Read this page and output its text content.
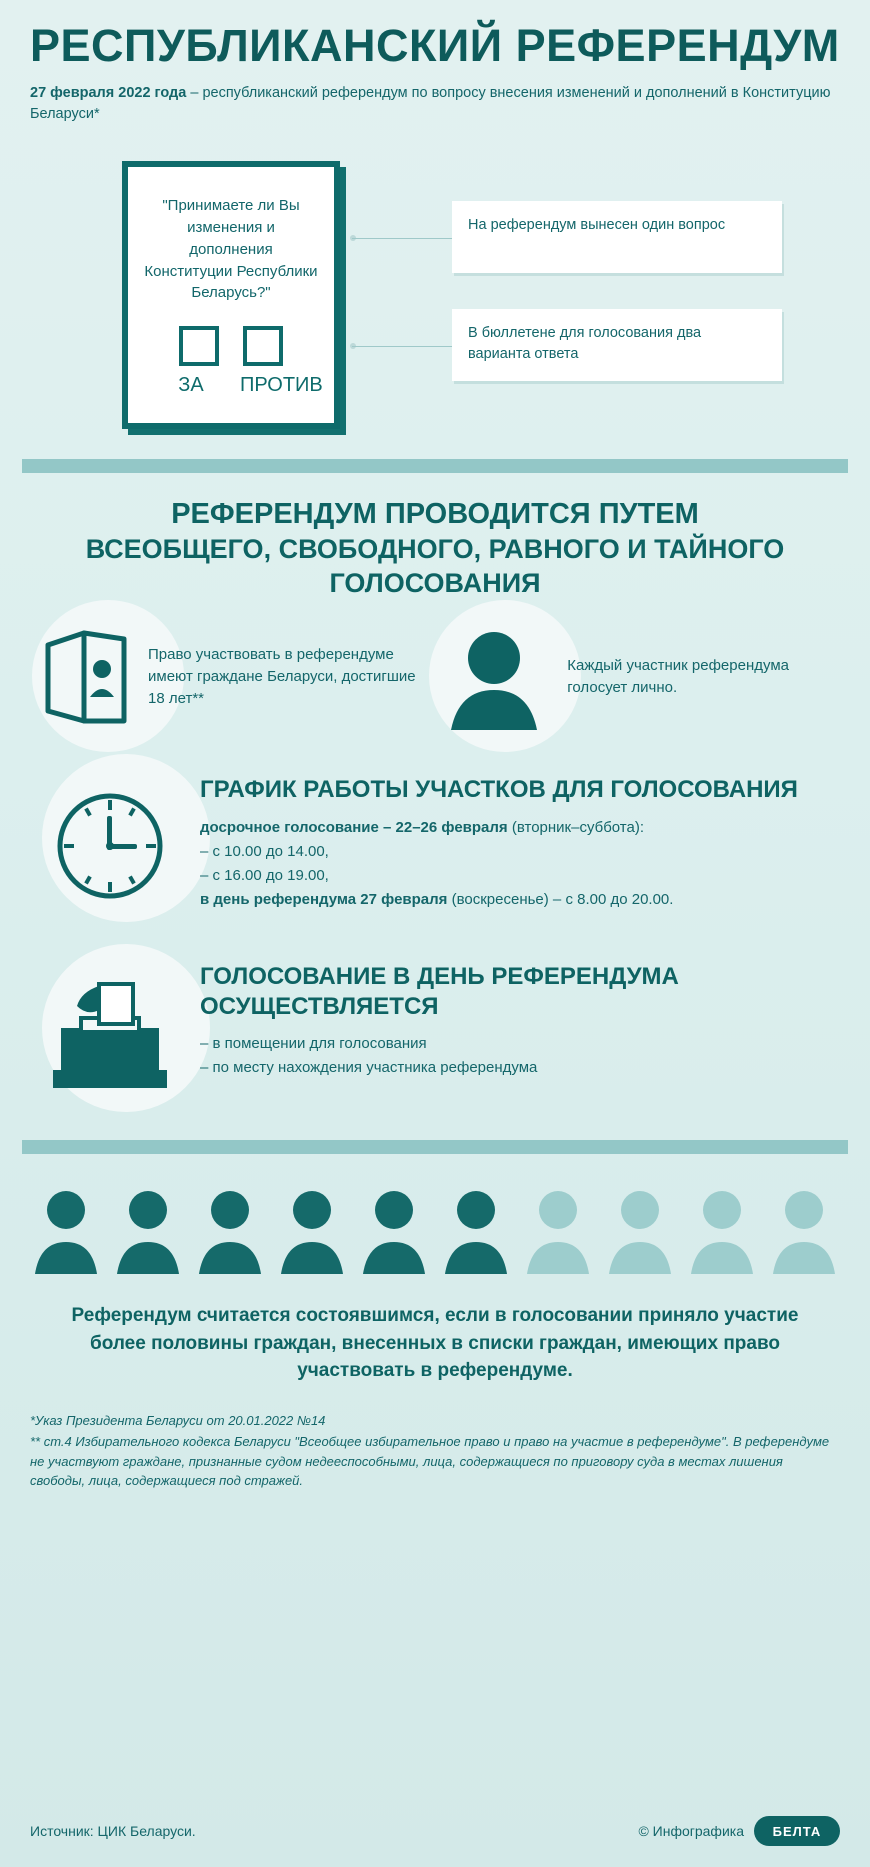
РЕСПУБЛИКАНСКИЙ РЕФЕРЕНДУМ
27 февраля 2022 года – республиканский референдум по вопросу внесения изменений и дополнений в Конституцию Беларуси*
"Принимаете ли Вы изменения и дополнения Конституции Республики Беларусь?"
ЗА	ПРОТИВ
На референдум вынесен один вопрос
В бюллетене для голосования два варианта ответа
РЕФЕРЕНДУМ ПРОВОДИТСЯ ПУТЕМ
ВСЕОБЩЕГО, СВОБОДНОГО, РАВНОГО И ТАЙНОГО ГОЛОСОВАНИЯ
Право участвовать в референдуме имеют граждане Беларуси, достигшие 18 лет**
Каждый участник референдума голосует лично.
ГРАФИК РАБОТЫ УЧАСТКОВ ДЛЯ ГОЛОСОВАНИЯ
досрочное голосование – 22–26 февраля (вторник–суббота):
– с 10.00 до 14.00,
– с 16.00 до 19.00,
в день референдума 27 февраля (воскресенье) – с 8.00 до 20.00.
ГОЛОСОВАНИЕ В ДЕНЬ РЕФЕРЕНДУМА
ОСУЩЕСТВЛЯЕТСЯ
– в помещении для голосования
– по месту нахождения участника референдума
Референдум считается состоявшимся, если в голосовании приняло участие более половины граждан, внесенных в списки граждан, имеющих право участвовать в референдуме.

*Указ Президента Беларуси от 20.01.2022 №14

** ст.4 Избирательного кодекса Беларуси "Всеобщее избирательное право и право на участие в референдуме". В референдуме не участвуют граждане, признанные судом недееспособными, лица, содержащиеся по приговору суда в местах лишения свободы, лица, содержащиеся под стражей.

Источник: ЦИК Беларуси.	© Инфографика	БЕЛТА
